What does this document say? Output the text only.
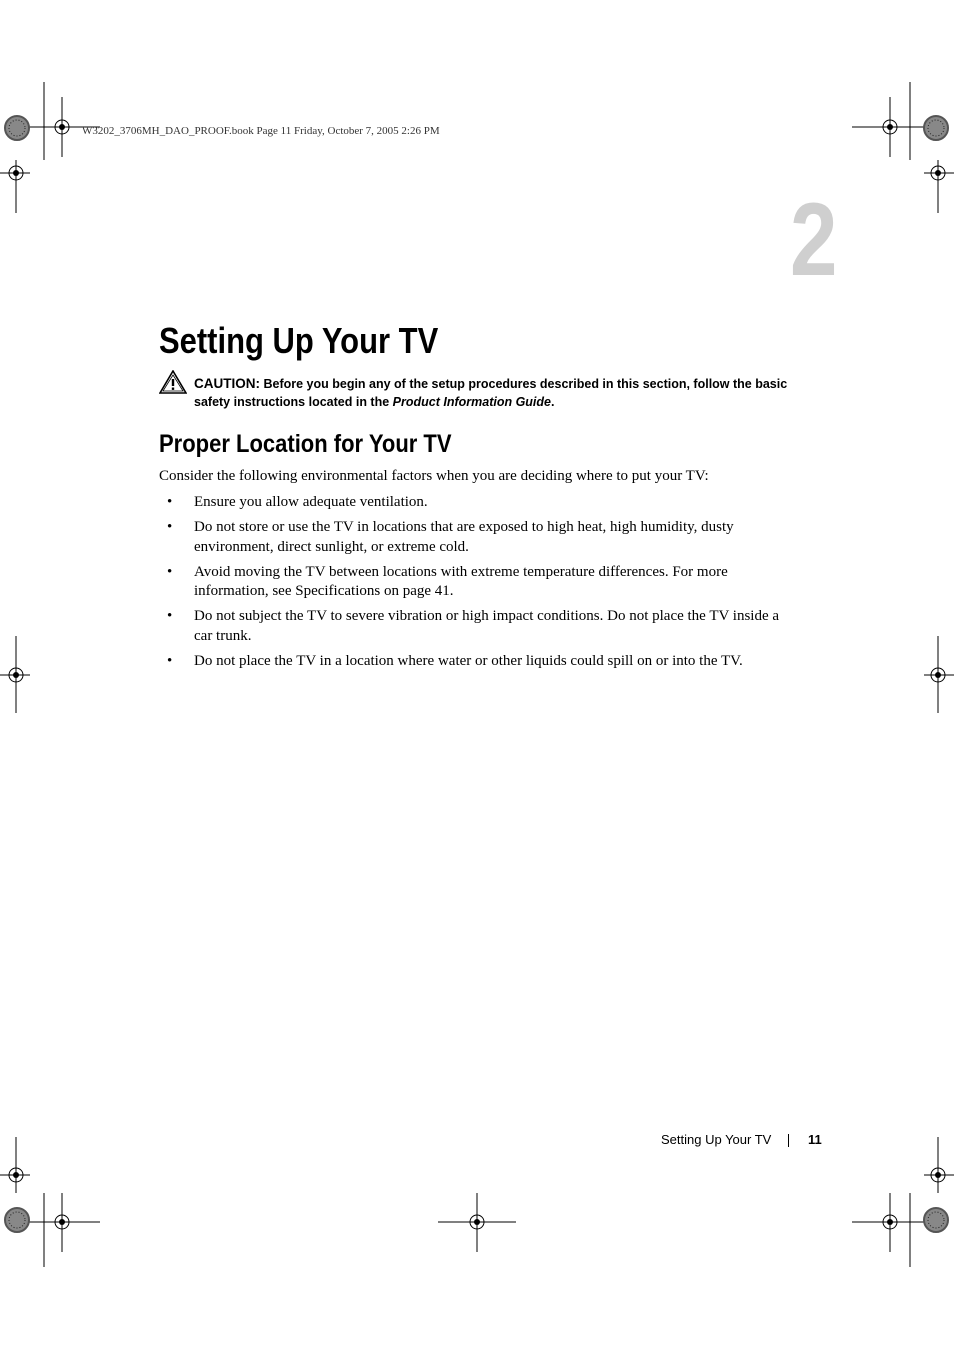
W3202_3706MH_DAO_PROOF.book Page 11 Friday, October 7, 2005 2:26 PM
2
Setting Up Your TV
CAUTION: Before you begin any of the setup procedures described in this section, follow the basic safety instructions located in the Product Information Guide.
Proper Location for Your TV
Consider the following environmental factors when you are deciding where to put your TV:
• Ensure you allow adequate ventilation.
• Do not store or use the TV in locations that are exposed to high heat, high humidity, dusty environment, direct sunlight, or extreme cold.
• Avoid moving the TV between locations with extreme temperature differences. For more information, see Specifications on page 41.
• Do not subject the TV to severe vibration or high impact conditions. Do not place the TV inside a car trunk.
• Do not place the TV in a location where water or other liquids could spill on or into the TV.
Setting Up Your TV	11
